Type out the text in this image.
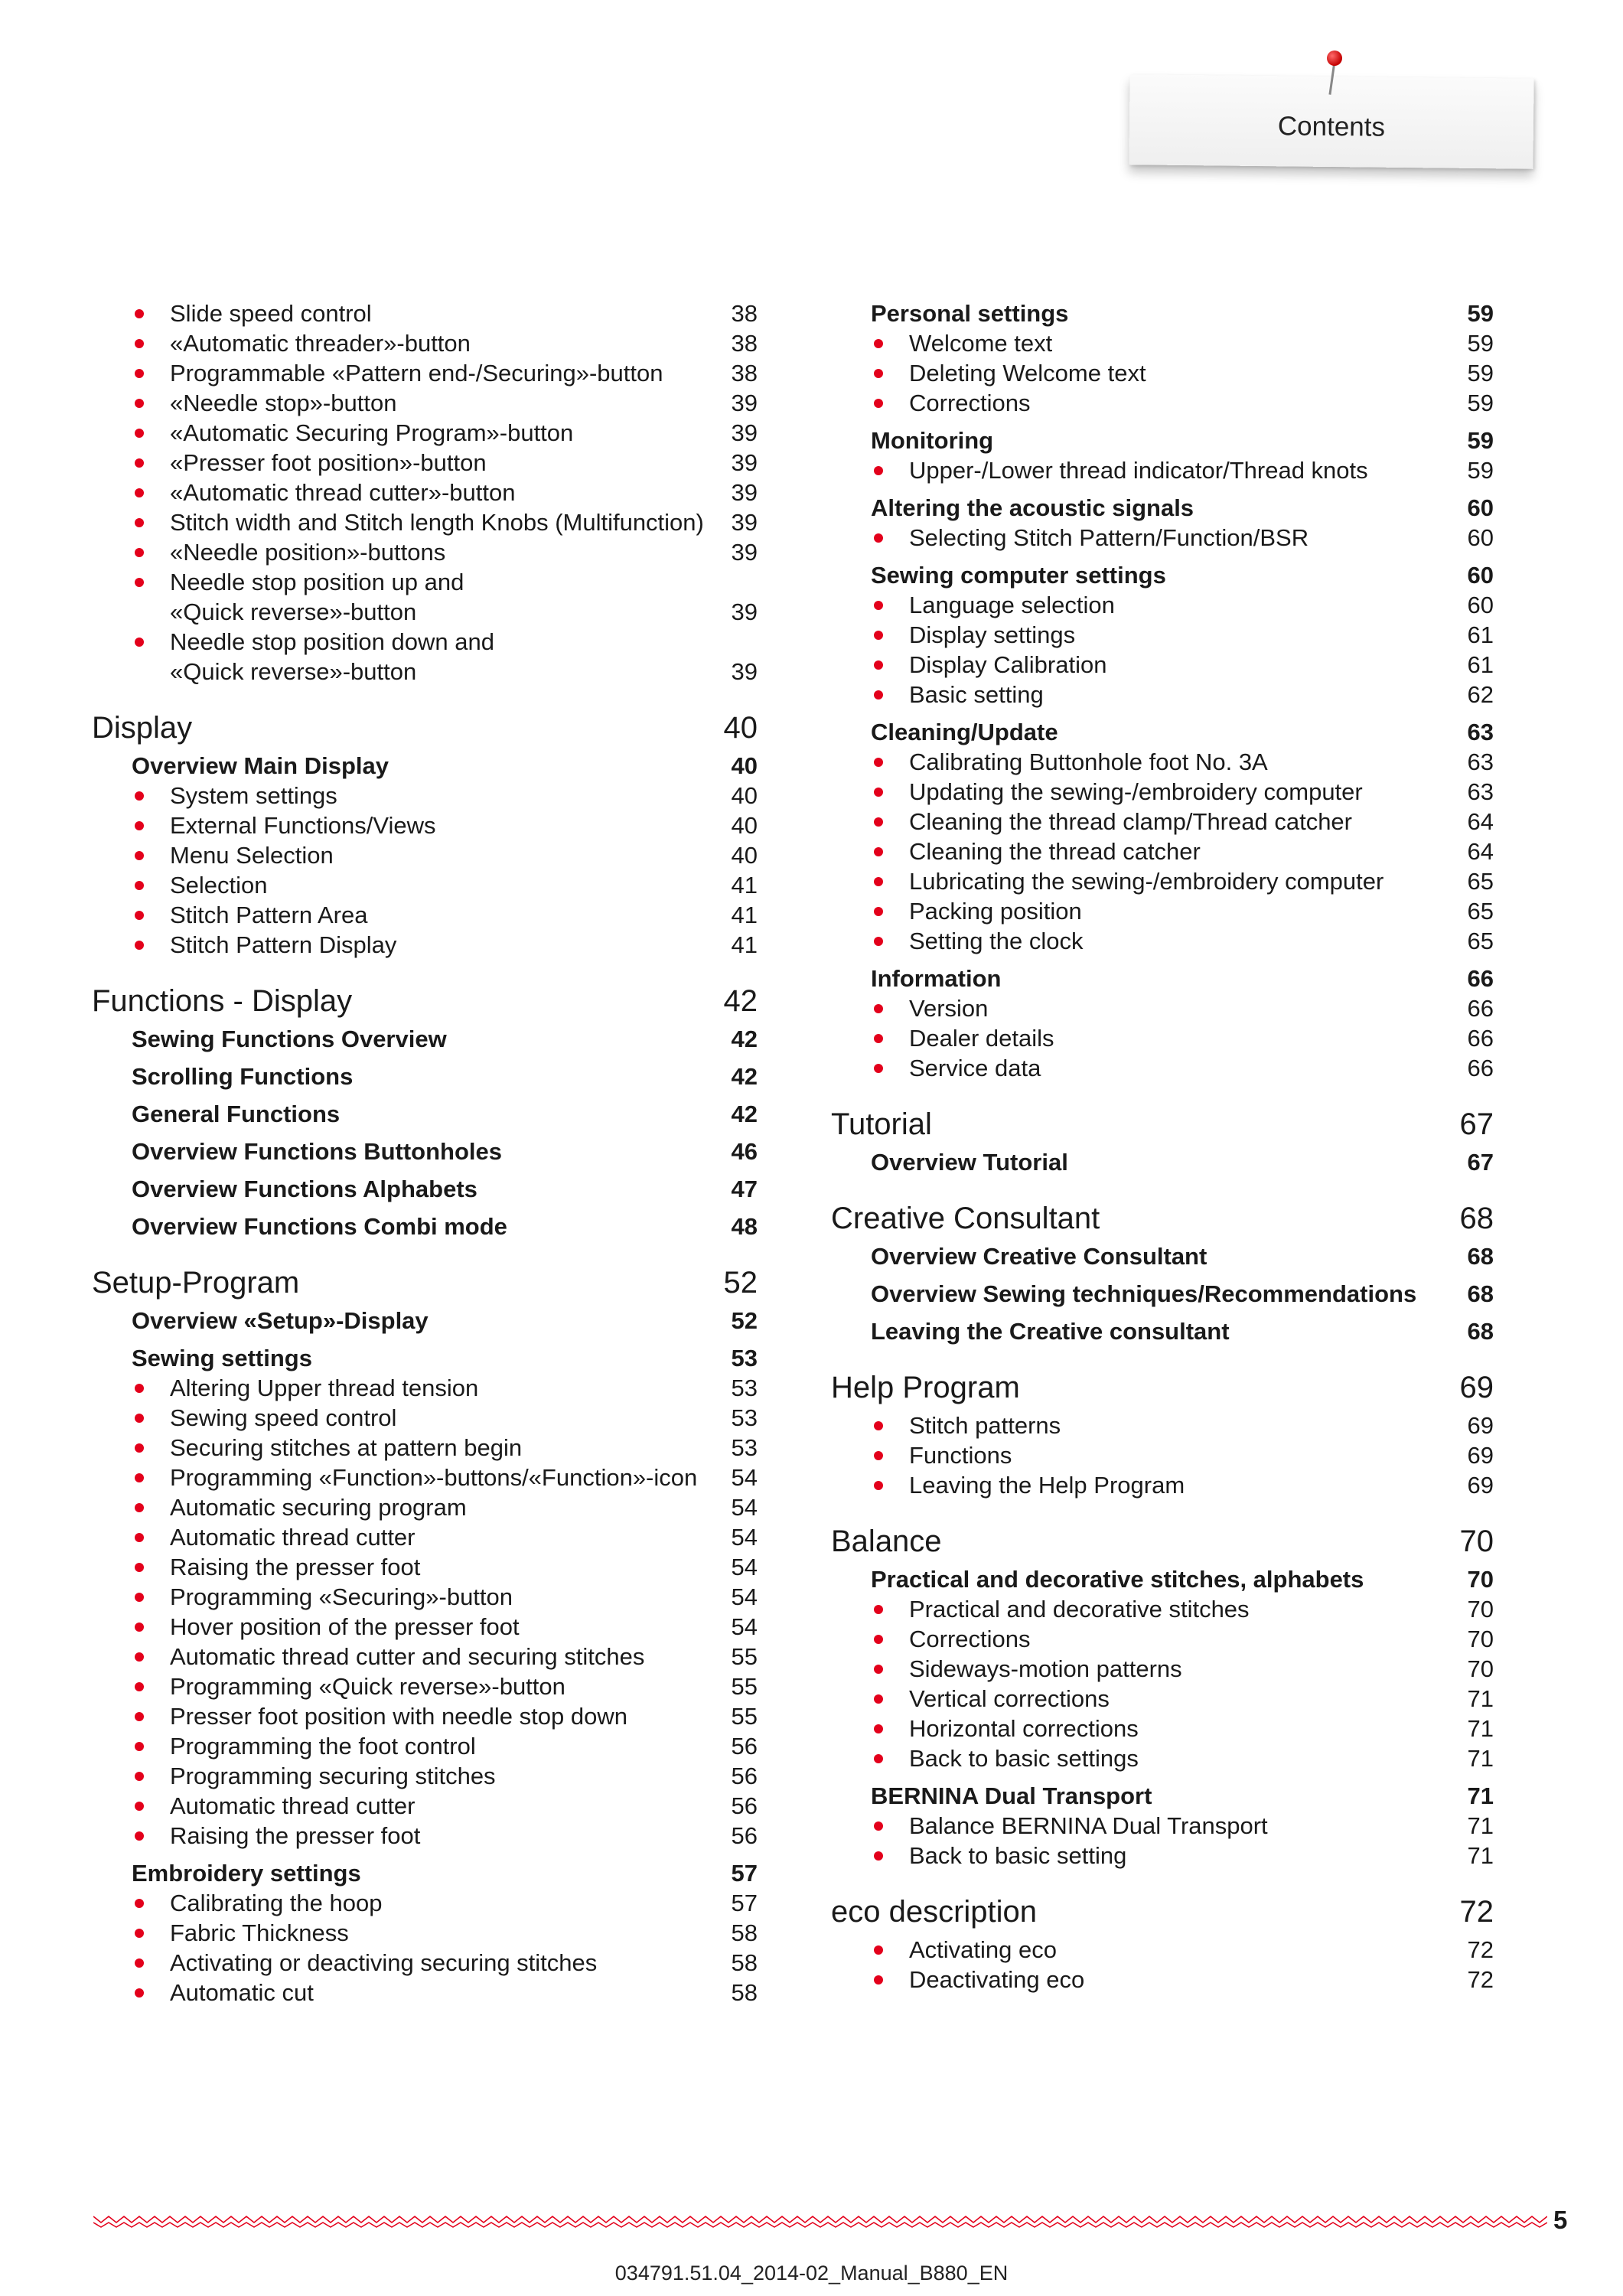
Contents
Slide speed control	38
«Automatic threader»-button	38
Programmable «Pattern end-/Securing»-button	38
«Needle stop»-button	39
«Automatic Securing Program»-button	39
«Presser foot position»-button	39
«Automatic thread cutter»-button	39
Stitch width and Stitch length Knobs (Multifunction) 39
«Needle position»-buttons	39
Needle stop position up and
«Quick reverse»-button	39
Needle stop position down and
«Quick reverse»-button	39
Display	40
Overview Main Display	40
System settings	40
External Functions/Views	40
Menu Selection	40
Selection	41
Stitch Pattern Area	41
Stitch Pattern Display	41
Functions - Display	42
Sewing Functions Overview	42
Scrolling Functions	42
General Functions	42
Overview Functions Buttonholes	46
Overview Functions Alphabets	47
Overview Functions Combi mode	48
Setup-Program	52
Overview «Setup»-Display	52
Sewing settings	53
Altering Upper thread tension	53
Sewing speed control	53
Securing stitches at pattern begin	53
Programming «Function»-buttons/«Function»-icon 54
Automatic securing program	54
Automatic thread cutter	54
Raising the presser foot	54
Programming «Securing»-button	54
Hover position of the presser foot	54
Automatic thread cutter and securing stitches	55
Programming «Quick reverse»-button	55
Presser foot position with needle stop down	55
Programming the foot control	56
Programming securing stitches	56
Automatic thread cutter	56
Raising the presser foot	56
Embroidery settings	57
Calibrating the hoop	57
Fabric Thickness	58
Activating or deactiving securing stitches	58
Automatic cut	58
Personal settings	59
Welcome text	59
Deleting Welcome text	59
Corrections	59
Monitoring	59
Upper-/Lower thread indicator/Thread knots	59
Altering the acoustic signals	60
Selecting Stitch Pattern/Function/BSR	60
Sewing computer settings	60
Language selection	60
Display settings	61
Display Calibration	61
Basic setting	62
Cleaning/Update	63
Calibrating Buttonhole foot No. 3A	63
Updating the sewing-/embroidery computer	63
Cleaning the thread clamp/Thread catcher	64
Cleaning the thread catcher	64
Lubricating the sewing-/embroidery computer	65
Packing position	65
Setting the clock	65
Information	66
Version	66
Dealer details	66
Service data	66
Tutorial	67
Overview Tutorial	67
Creative Consultant	68
Overview Creative Consultant	68
Overview Sewing techniques/Recommendations 68
Leaving the Creative consultant	68
Help Program	69
Stitch patterns	69
Functions	69
Leaving the Help Program	69
Balance	70
Practical and decorative stitches, alphabets	70
Practical and decorative stitches	70
Corrections	70
Sideways-motion patterns	70
Vertical corrections	71
Horizontal corrections	71
Back to basic settings	71
BERNINA Dual Transport	71
Balance BERNINA Dual Transport	71
Back to basic setting	71
eco description	72
Activating eco	72
Deactivating eco	72
5
034791.51.04_2014-02_Manual_B880_EN
